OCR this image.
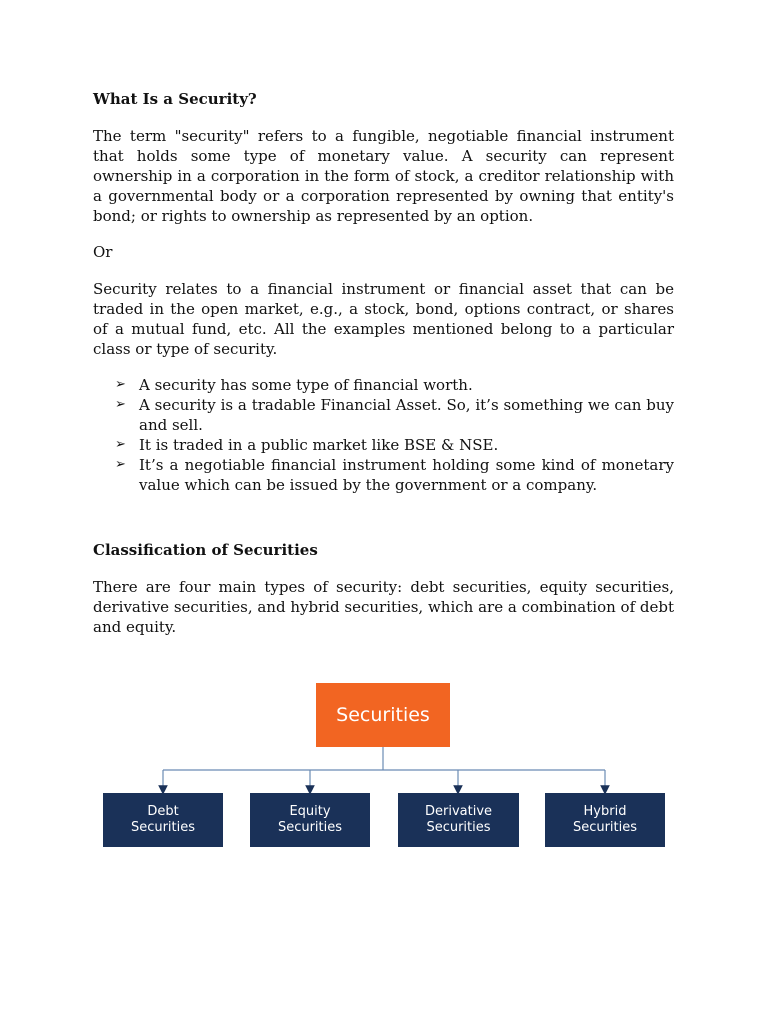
What Is a Security?

The term "security" refers to a fungible, negotiable financial instrument that holds some type of monetary value. A security can represent ownership in a corporation in the form of stock, a creditor relationship with a governmental body or a corporation represented by owning that entity's bond; or rights to ownership as represented by an option.

Or

Security relates to a financial instrument or financial asset that can be traded in the open market, e.g., a stock, bond, options contract, or shares of a mutual fund, etc. All the examples mentioned belong to a particular class or type of security.

➢ A security has some type of financial worth.
➢ A security is a tradable Financial Asset. So, it’s something we can buy and sell.
➢ It is traded in a public market like BSE & NSE.
➢ It’s a negotiable financial instrument holding some kind of monetary value which can be issued by the government or a company.
Classification of Securities

There are four main types of security: debt securities, equity securities, derivative securities, and hybrid securities, which are a combination of debt and equity.

Securities
Debt
Securities
Equity
Securities
Derivative
Securities
Hybrid
Securities
